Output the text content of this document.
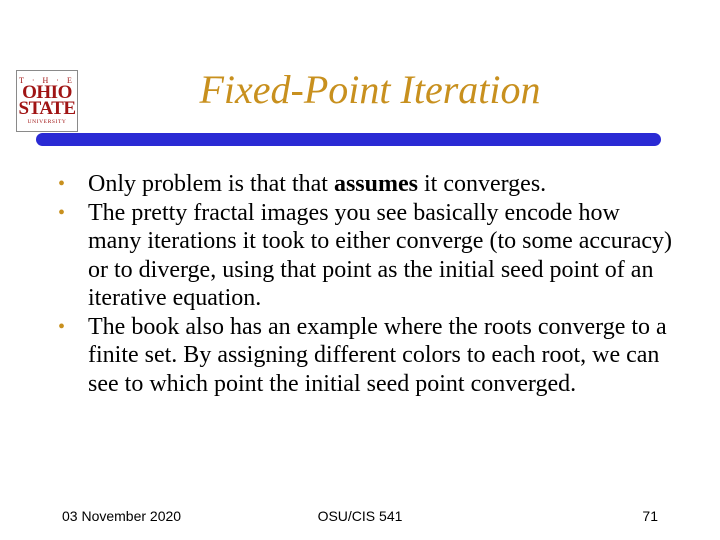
T · H · E
OHIO
STATE
UNIVERSITY
Fixed-Point Iteration
• Only problem is that that assumes it converges.
• The pretty fractal images you see basically encode how many iterations it took to either converge (to some accuracy) or to diverge, using that point as the initial seed point of an iterative equation.
• The book also has an example where the roots converge to a finite set. By assigning different colors to each root, we can see to which point the initial seed point converged.
03 November 2020	OSU/CIS 541	71
